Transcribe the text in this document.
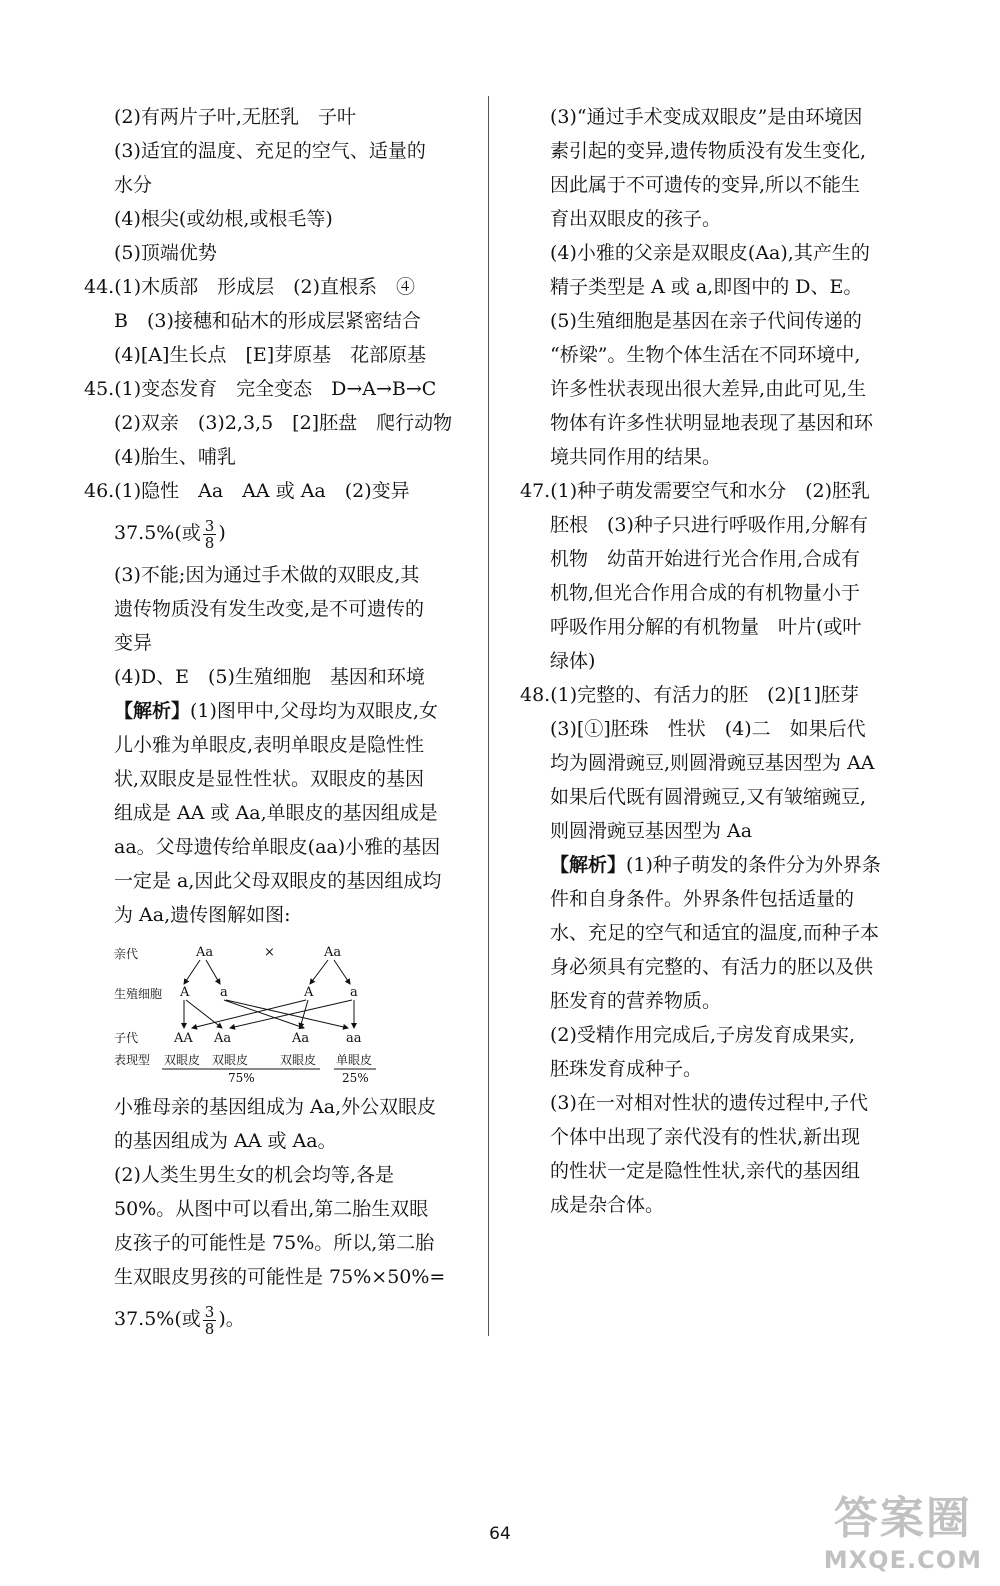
(2)有两片子叶,无胚乳　子叶

(3)适宜的温度、充足的空气、适量的

水分

(4)根尖(或幼根,或根毛等)

(5)顶端优势

44.(1)木质部　形成层　(2)直根系　④

B　(3)接穗和砧木的形成层紧密结合

(4)[A]生长点　[E]芽原基　花部原基

45.(1)变态发育　完全变态　D→A→B→C

(2)双亲　(3)2,3,5　[2]胚盘　爬行动物

(4)胎生、哺乳

46.(1)隐性　Aa　AA 或 Aa　(2)变异

37.5%(或 $\frac{3}{8}$ )

(3)不能;因为通过手术做的双眼皮,其

遗传物质没有发生改变,是不可遗传的

变异

(4)D、E　(5)生殖细胞　基因和环境

【解析】(1)图甲中,父母均为双眼皮,女

儿小雅为单眼皮,表明单眼皮是隐性性

状,双眼皮是显性性状。双眼皮的基因

组成是 AA 或 Aa,单眼皮的基因组成是

aa。父母遗传给单眼皮(aa)小雅的基因

一定是 a,因此父母双眼皮的基因组成均

为 Aa,遗传图解如图:

亲代
生殖细胞
子代
表现型
Aa	×	Aa
A a	A	a
AA Aa	Aa	aa
双眼皮 双眼皮	双眼皮 单眼皮
75%	25%

小雅母亲的基因组成为 Aa,外公双眼皮

的基因组成为 AA 或 Aa。

(2)人类生男生女的机会均等,各是

50%。从图中可以看出,第二胎生双眼

皮孩子的可能性是 75%。所以,第二胎

生双眼皮男孩的可能性是 75%×50%=

37.5%(或 $\frac{3}{8}$ )。

(3)“通过手术变成双眼皮”是由环境因

素引起的变异,遗传物质没有发生变化,

因此属于不可遗传的变异,所以不能生

育出双眼皮的孩子。

(4)小雅的父亲是双眼皮(Aa),其产生的

精子类型是 A 或 a,即图中的 D、E。

(5)生殖细胞是基因在亲子代间传递的

“桥梁”。生物个体生活在不同环境中,

许多性状表现出很大差异,由此可见,生

物体有许多性状明显地表现了基因和环

境共同作用的结果。

47.(1)种子萌发需要空气和水分　(2)胚乳

胚根　(3)种子只进行呼吸作用,分解有

机物　幼苗开始进行光合作用,合成有

机物,但光合作用合成的有机物量小于

呼吸作用分解的有机物量　叶片(或叶

绿体)

48.(1)完整的、有活力的胚　(2)[1]胚芽

(3)[①]胚珠　性状　(4)二　如果后代

均为圆滑豌豆,则圆滑豌豆基因型为 AA

如果后代既有圆滑豌豆,又有皱缩豌豆,

则圆滑豌豆基因型为 Aa

【解析】(1)种子萌发的条件分为外界条

件和自身条件。外界条件包括适量的

水、充足的空气和适宜的温度,而种子本

身必须具有完整的、有活力的胚以及供

胚发育的营养物质。

(2)受精作用完成后,子房发育成果实,

胚珠发育成种子。

(3)在一对相对性状的遗传过程中,子代

个体中出现了亲代没有的性状,新出现

的性状一定是隐性性状,亲代的基因组

成是杂合体。

64	答案圈
MXQE.COM
